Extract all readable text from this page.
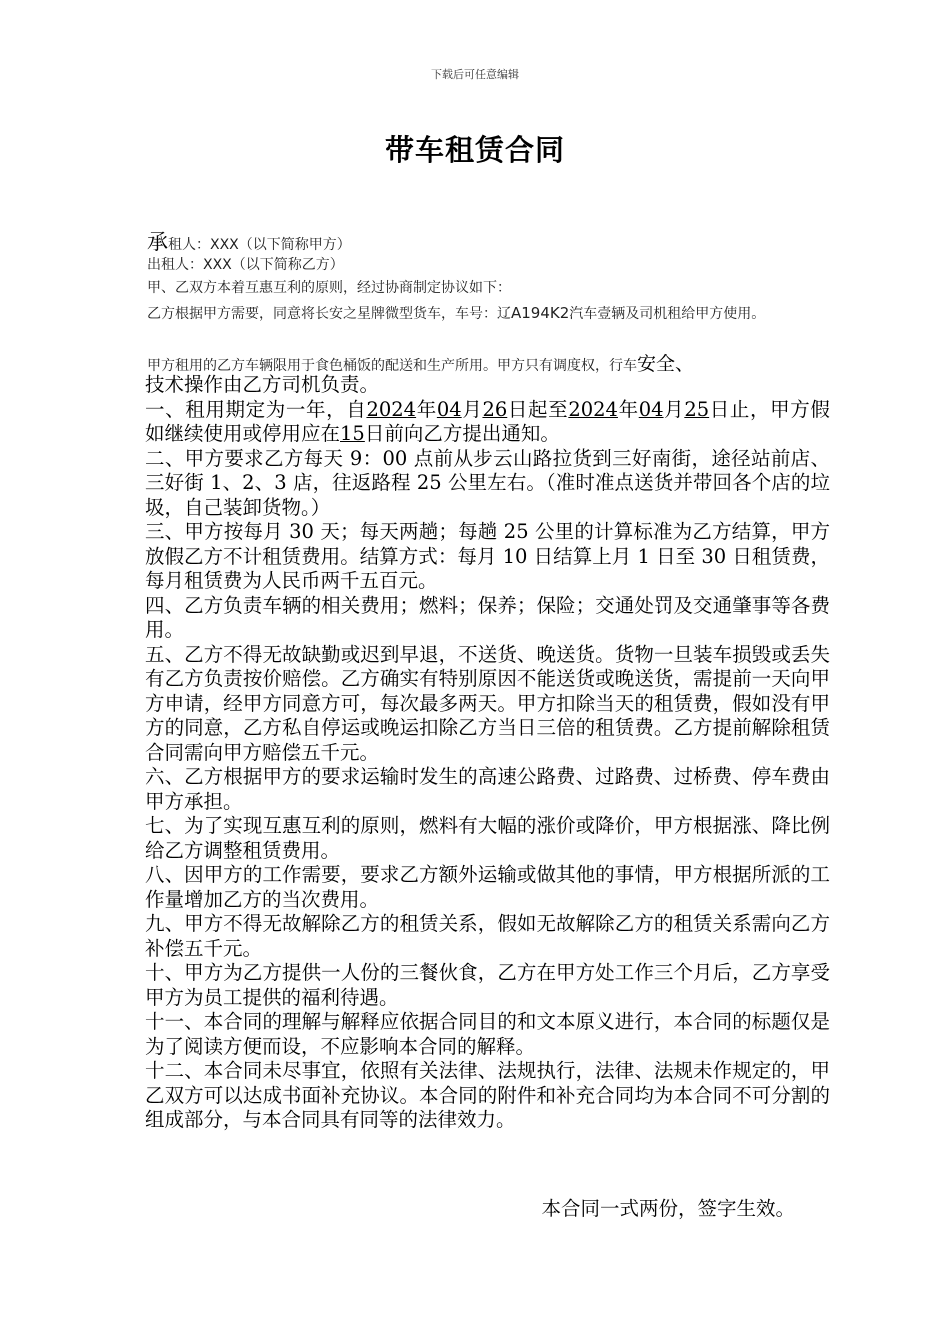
下载后可任意编辑
带车租赁合同
承租人：XXX（以下简称甲方）
出租人：XXX（以下简称乙方）
甲、乙双方本着互惠互利的原则，经过协商制定协议如下：
乙方根据甲方需要，同意将长安之星牌微型货车，车号：辽A194K2汽车壹辆及司机租给甲方使用。
甲方租用的乙方车辆限用于食色桶饭的配送和生产所用。甲方只有调度权，行车安全、

技术操作由乙方司机负责。

一、租用期定为一年，自2024年04月26日起至2024年04月25日止，甲方假如继续使用或停用应在15日前向乙方提出通知。

二、甲方要求乙方每天 9：00 点前从步云山路拉货到三好南街，途径站前店、三好街 1、2、3 店，往返路程 25 公里左右。（准时准点送货并带回各个店的垃圾，自己装卸货物。）

三、甲方按每月 30 天；每天两趟；每趟 25 公里的计算标准为乙方结算，甲方放假乙方不计租赁费用。结算方式：每月 10 日结算上月 1 日至 30 日租赁费，每月租赁费为人民币两千五百元。

四、乙方负责车辆的相关费用；燃料；保养；保险；交通处罚及交通肇事等各费用。

五、乙方不得无故缺勤或迟到早退，不送货、晚送货。货物一旦装车损毁或丢失有乙方负责按价赔偿。乙方确实有特别原因不能送货或晚送货，需提前一天向甲方申请，经甲方同意方可，每次最多两天。甲方扣除当天的租赁费，假如没有甲方的同意，乙方私自停运或晚运扣除乙方当日三倍的租赁费。乙方提前解除租赁合同需向甲方赔偿五千元。

六、乙方根据甲方的要求运输时发生的高速公路费、过路费、过桥费、停车费由甲方承担。

七、为了实现互惠互利的原则，燃料有大幅的涨价或降价，甲方根据涨、降比例给乙方调整租赁费用。

八、因甲方的工作需要，要求乙方额外运输或做其他的事情，甲方根据所派的工作量增加乙方的当次费用。

九、甲方不得无故解除乙方的租赁关系，假如无故解除乙方的租赁关系需向乙方补偿五千元。

十、甲方为乙方提供一人份的三餐伙食，乙方在甲方处工作三个月后，乙方享受甲方为员工提供的福利待遇。

十一、本合同的理解与解释应依据合同目的和文本原义进行，本合同的标题仅是为了阅读方便而设，不应影响本合同的解释。

十二、本合同未尽事宜，依照有关法律、法规执行，法律、法规未作规定的，甲乙双方可以达成书面补充协议。本合同的附件和补充合同均为本合同不可分割的组成部分，与本合同具有同等的法律效力。

本合同一式两份，签字生效。
